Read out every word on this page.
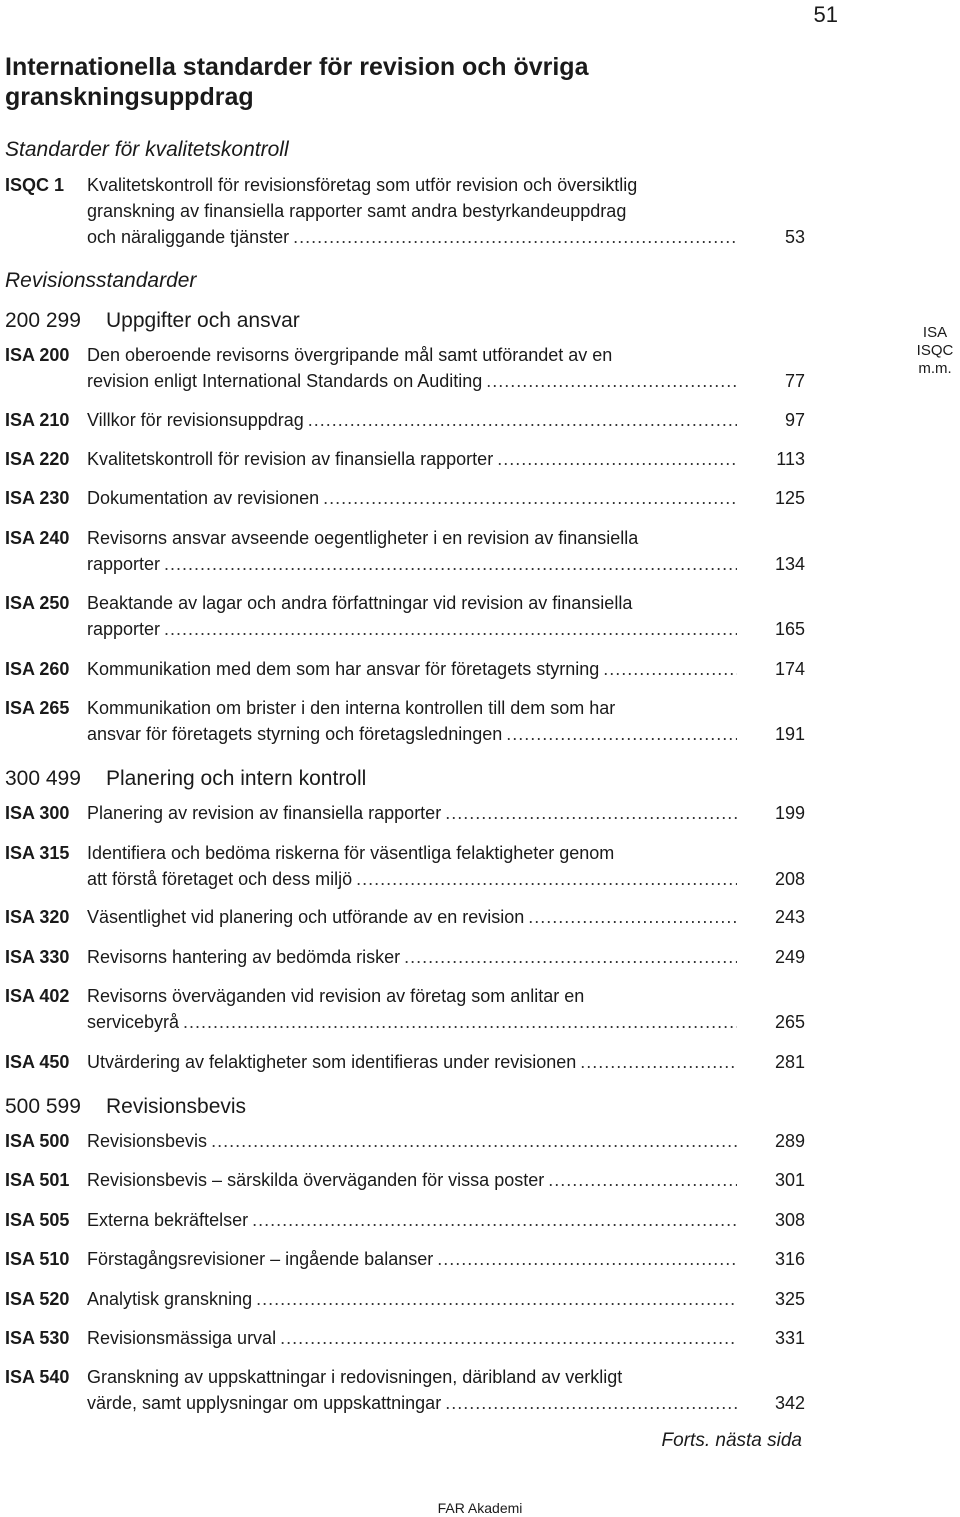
51
Internationella standarder för revision och övriga granskningsuppdrag
Standarder för kvalitetskontroll
ISQC 1 Kvalitetskontroll för revisionsföretag som utför revision och översiktlig
granskning av finansiella rapporter samt andra bestyrkandeuppdrag
och näraliggande tjänster .....	53
Revisionsstandarder
200 299 Uppgifter och ansvar
ISA 200 Den oberoende revisorns övergripande mål samt utförandet av en
revision enligt International Standards on Auditing .....	77
ISA 210 Villkor för revisionsuppdrag .....	97
ISA 220 Kvalitetskontroll för revision av finansiella rapporter .....	113
ISA 230 Dokumentation av revisionen .....	125
ISA 240 Revisorns ansvar avseende oegentligheter i en revision av finansiella
rapporter .....	134
ISA 250 Beaktande av lagar och andra författningar vid revision av finansiella
rapporter .....	165
ISA 260 Kommunikation med dem som har ansvar för företagets styrning .....	174
ISA 265 Kommunikation om brister i den interna kontrollen till dem som har
ansvar för företagets styrning och företagsledningen .....	191
300 499 Planering och intern kontroll
ISA 300 Planering av revision av finansiella rapporter .....	199
ISA 315 Identifiera och bedöma riskerna för väsentliga felaktigheter genom
att förstå företaget och dess miljö .....	208
ISA 320 Väsentlighet vid planering och utförande av en revision .....	243
ISA 330 Revisorns hantering av bedömda risker .....	249
ISA 402 Revisorns överväganden vid revision av företag som anlitar en
servicebyrå .....	265
ISA 450 Utvärdering av felaktigheter som identifieras under revisionen .....	281
500 599 Revisionsbevis
ISA 500 Revisionsbevis .....	289
ISA 501 Revisionsbevis – särskilda överväganden för vissa poster .....	301
ISA 505 Externa bekräftelser .....	308
ISA 510 Förstagångsrevisioner – ingående balanser .....	316
ISA 520 Analytisk granskning .....	325
ISA 530 Revisionsmässiga urval .....	331
ISA 540 Granskning av uppskattningar i redovisningen, däribland av verkligt
värde, samt upplysningar om uppskattningar .....	342
ISA
ISQC
m.m.
Forts. nästa sida
FAR Akademi
